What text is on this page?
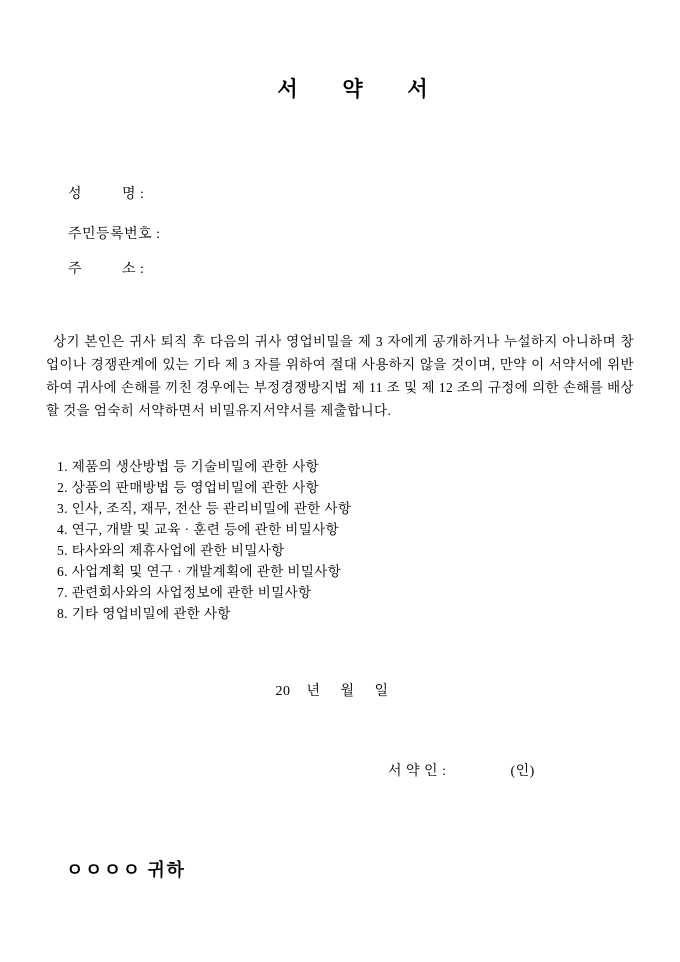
서       약       서
성          명 :
주민등록번호 :
주          소 :
상기 본인은 귀사 퇴직 후 다음의 귀사 영업비밀을 제 3 자에게 공개하거나 누설하지 아니하며 창업이나 경쟁관계에 있는 기타 제 3 자를 위하여 절대 사용하지 않을 것이며, 만약 이 서약서에 위반하여 귀사에 손해를 끼친 경우에는 부정경쟁방지법 제 11 조 및 제 12 조의 규정에 의한 손해를 배상할 것을 엄숙히 서약하면서 비밀유지서약서를 제출합니다.
1. 제품의 생산방법 등 기술비밀에 관한 사항
2. 상품의 판매방법 등 영업비밀에 관한 사항
3. 인사, 조직, 재무, 전산 등 관리비밀에 관한 사항
4. 연구, 개발 및 교육 · 훈련 등에 관한 비밀사항
5. 타사와의 제휴사업에 관한 비밀사항
6. 사업계획 및 연구 · 개발계획에 관한 비밀사항
7. 관련회사와의 사업정보에 관한 비밀사항
8. 기타 영업비밀에 관한 사항
20    년     월     일
서 약 인 :                (인)
ㅇㅇㅇㅇ 귀하
